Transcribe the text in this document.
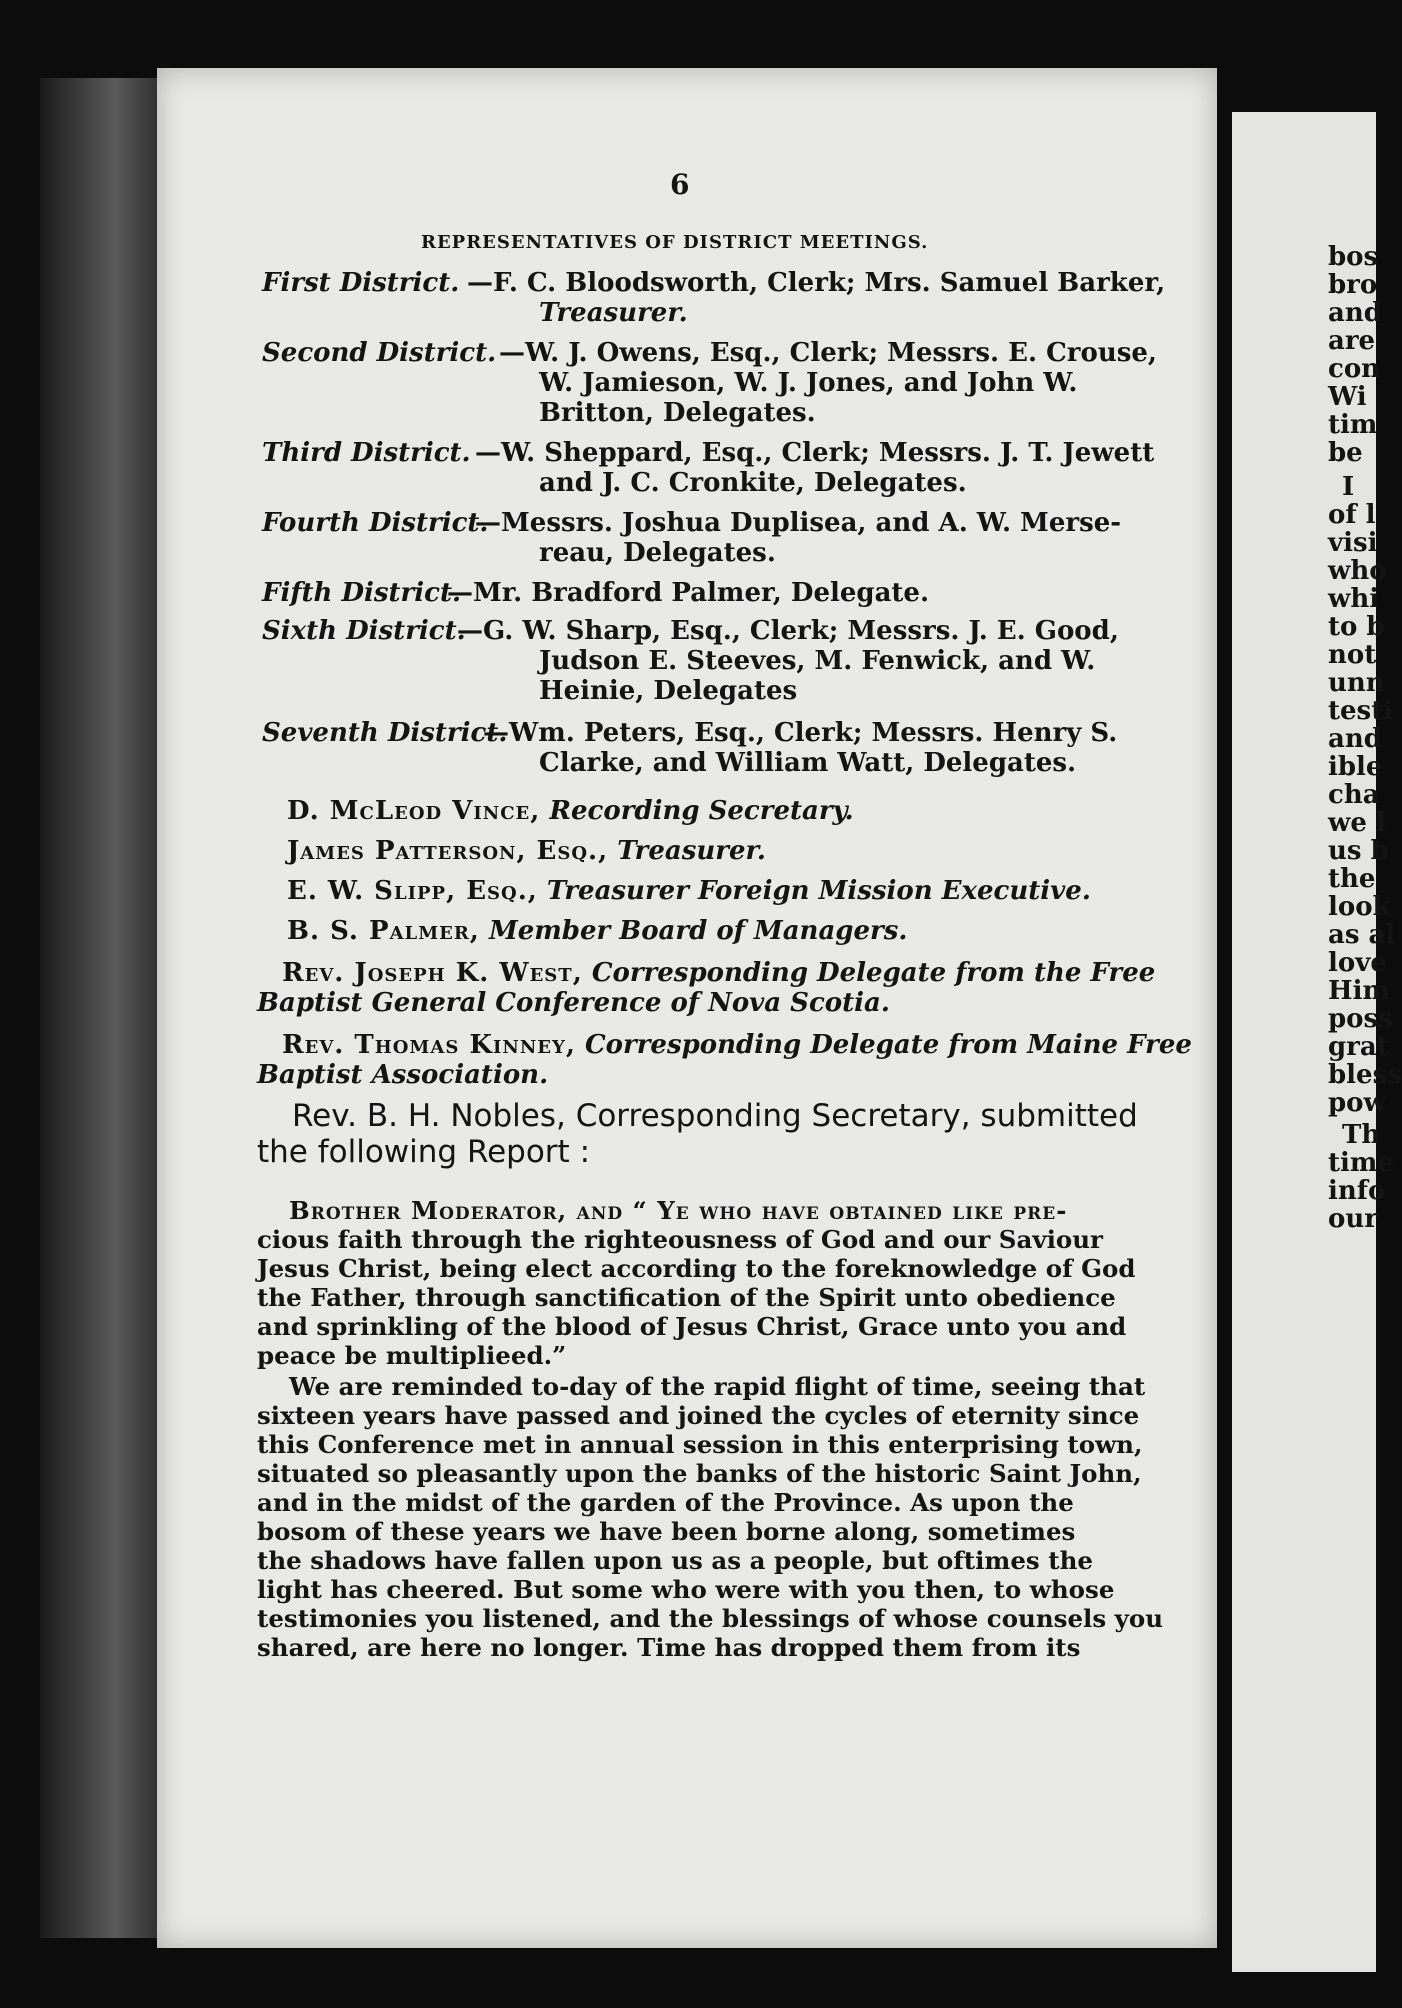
6
REPRESENTATIVES OF DISTRICT MEETINGS.
First District. —F. C. Bloodsworth, Clerk; Mrs. Samuel Barker,
Treasurer.
Second District. —W. J. Owens, Esq., Clerk; Messrs. E. Crouse,
W. Jamieson, W. J. Jones, and John W.
Britton, Delegates.
Third District. —W. Sheppard, Esq., Clerk; Messrs. J. T. Jewett
and J. C. Cronkite, Delegates.
Fourth District.
—Messrs. Joshua Duplisea, and A. W. Merse-
reau, Delegates.
Fifth District.
—Mr. Bradford Palmer, Delegate.
Sixth District.
—G. W. Sharp, Esq., Clerk; Messrs. J. E. Good,
Judson E. Steeves, M. Fenwick, and W.
Heinie, Delegates
Seventh District.
—Wm. Peters, Esq., Clerk; Messrs. Henry S.
Clarke, and William Watt, Delegates.
D. McLeod Vince, Recording Secretary.
James Patterson, Esq., Treasurer.
E. W. Slipp, Esq., Treasurer Foreign Mission Executive.
B. S. Palmer, Member Board of Managers.
Rev. Joseph K. West, Corresponding Delegate from the Free
Baptist General Conference of Nova Scotia.
Rev. Thomas Kinney, Corresponding Delegate from Maine Free
Baptist Association.
Rev. B. H. Nobles, Corresponding Secretary, submitted
the following Report :
Brother Moderator, and “ Ye who have obtained like pre-
cious faith through the righteousness of God and our Saviour
Jesus Christ, being elect according to the foreknowledge of God
the Father, through sanctification of the Spirit unto obedience
and sprinkling of the blood of Jesus Christ, Grace unto you and
peace be multiplieed.”
We are reminded to-day of the rapid flight of time, seeing that
sixteen years have passed and joined the cycles of eternity since
this Conference met in annual session in this enterprising town,
situated so pleasantly upon the banks of the historic Saint John,
and in the midst of the garden of the Province. As upon the
bosom of these years we have been borne along, sometimes
the shadows have fallen upon us as a people, but oftimes the
light has cheered. But some who were with you then, to whose
testimonies you listened, and the blessings of whose counsels you
shared, are here no longer. Time has dropped them from its
bos
bro
and
are
con
Wi
tim
be
I
of l
visi
who
whi
to b
not
unn
testi
and
ible
cha
we l
us b
the
look
as al
love
Him
poss
grat
bless
pow
Th
time
info
our
